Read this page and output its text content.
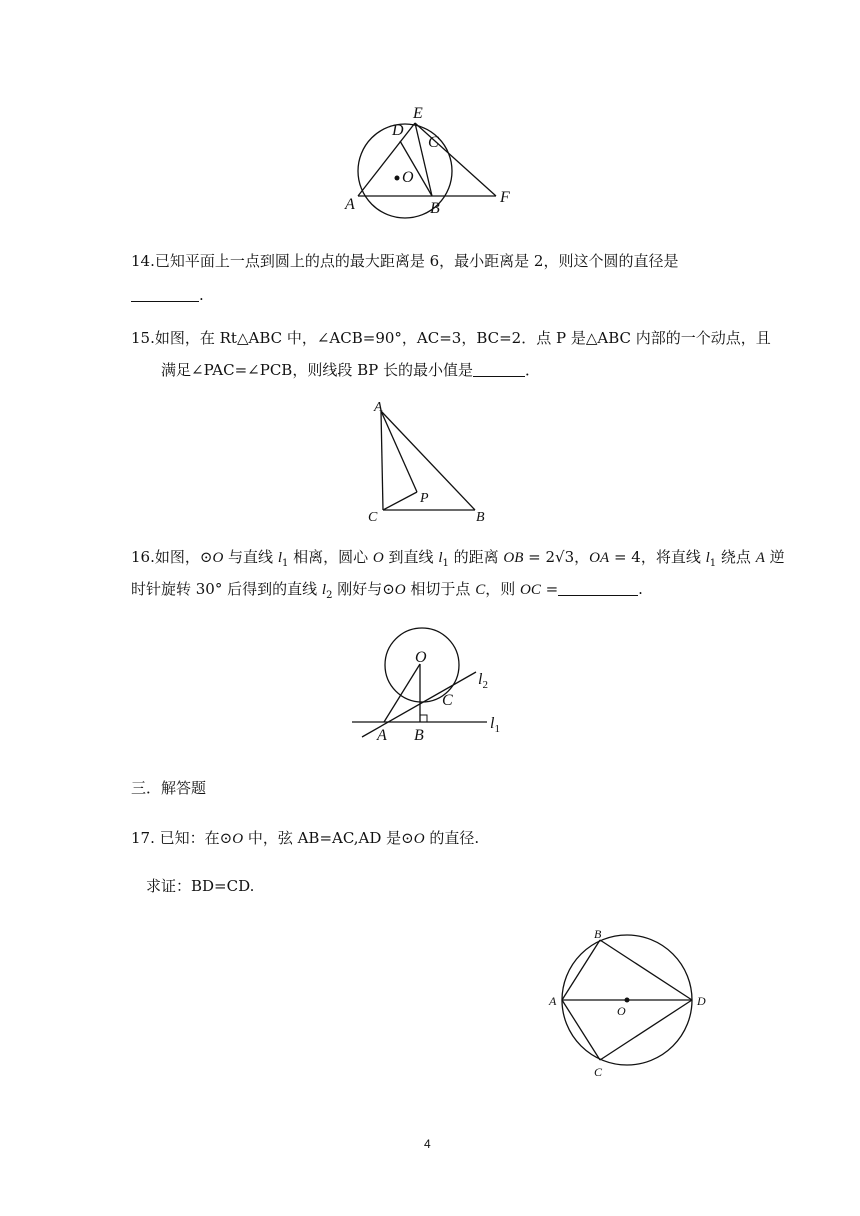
E
D
C
O
A	B
F
14.已知平面上一点到圆上的点的最大距离是 6，最小距离是 2，则这个圆的直径是
.
15.如图，在 Rt△ABC 中，∠ACB=90°，AC=3，BC=2．点 P 是△ABC 内部的一个动点，且
满足∠PAC=∠PCB，则线段 BP 长的最小值是	．
A
C	B
P
16.如图，⊙O 与直线 $l_1$ 相离，圆心 O 到直线 $l_1$ 的距离 OB = 2√3，OA = 4，将直线 $l_1$ 绕点 A 逆
时针旋转 30° 后得到的直线 $l_2$ 刚好与⊙O 相切于点 C，则 OC =	.
O
$l_2$
C
A B
$l_1$
三．解答题
17. 已知：在⊙O 中，弦 AB=AC,AD 是⊙O 的直径.
求证：BD=CD.
B
A
O
D
C
4
